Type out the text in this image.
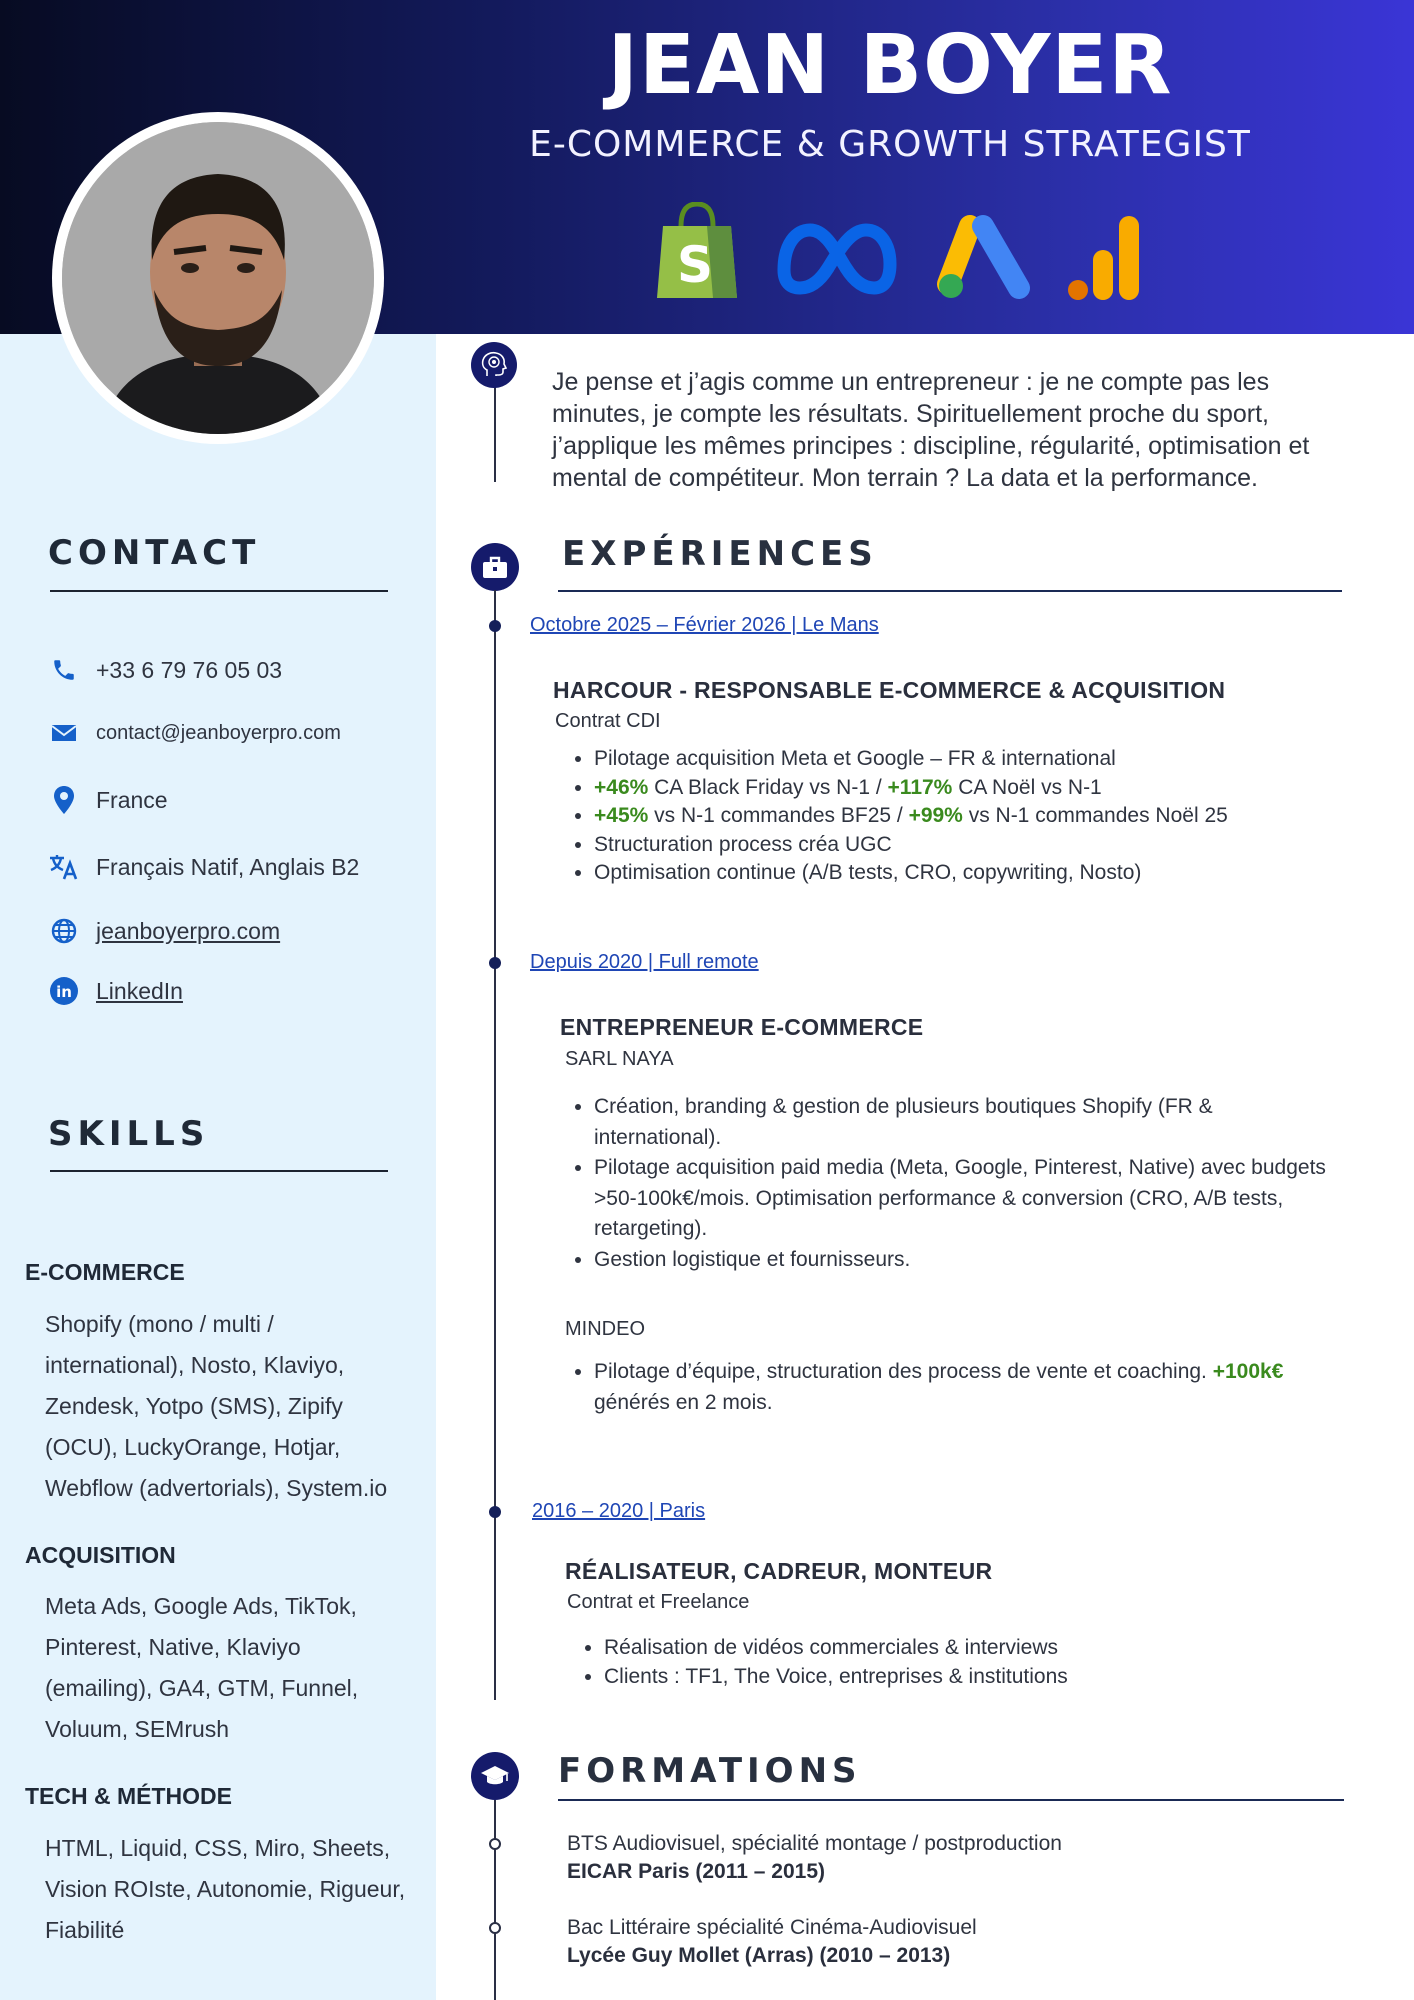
JEAN BOYER
E-COMMERCE & GROWTH STRATEGIST
S
CONTACT
+33 6 79 76 05 03
contact@jeanboyerpro.com
France
Français Natif, Anglais B2
jeanboyerpro.com
in LinkedIn
SKILLS
E-COMMERCE
Shopify (mono / multi /
international), Nosto, Klaviyo,
Zendesk, Yotpo (SMS), Zipify
(OCU), LuckyOrange, Hotjar,
Webflow (advertorials), System.io
ACQUISITION
Meta Ads, Google Ads, TikTok,
Pinterest, Native, Klaviyo
(emailing), GA4, GTM, Funnel,
Voluum, SEMrush
TECH & MÉTHODE
HTML, Liquid, CSS, Miro, Sheets,
Vision ROIste, Autonomie, Rigueur,
Fiabilité
Je pense et j’agis comme un entrepreneur : je ne compte pas les minutes, je compte les résultats. Spirituellement proche du sport, j’applique les mêmes principes : discipline, régularité, optimisation et mental de compétiteur. Mon terrain ? La data et la performance.
EXPÉRIENCES
Octobre 2025 – Février 2026 | Le Mans
HARCOUR - RESPONSABLE E-COMMERCE & ACQUISITION
Contrat CDI
• Pilotage acquisition Meta et Google – FR & international
• +46% CA Black Friday vs N-1 / +117% CA Noël vs N-1
• +45% vs N-1 commandes BF25 / +99% vs N-1 commandes Noël 25
• Structuration process créa UGC
• Optimisation continue (A/B tests, CRO, copywriting, Nosto)
Depuis 2020 | Full remote
ENTREPRENEUR E-COMMERCE
SARL NAYA
• Création, branding & gestion de plusieurs boutiques Shopify (FR & international).
• Pilotage acquisition paid media (Meta, Google, Pinterest, Native) avec budgets >50-100k€/mois. Optimisation performance & conversion (CRO, A/B tests, retargeting).
• Gestion logistique et fournisseurs.
MINDEO
• Pilotage d’équipe, structuration des process de vente et coaching. +100k€ générés en 2 mois.
2016 – 2020 | Paris
RÉALISATEUR, CADREUR, MONTEUR
Contrat et Freelance
• Réalisation de vidéos commerciales & interviews
• Clients : TF1, The Voice, entreprises & institutions
FORMATIONS
BTS Audiovisuel, spécialité montage / postproduction
EICAR Paris (2011 – 2015)
Bac Littéraire spécialité Cinéma-Audiovisuel
Lycée Guy Mollet (Arras) (2010 – 2013)
